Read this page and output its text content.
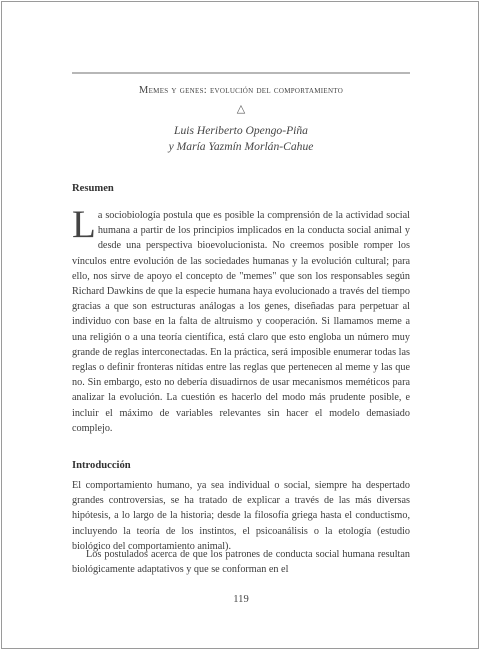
Memes y genes: evolución del comportamiento
△
Luis Heriberto Opengo-Piña
y María Yazmín Morlán-Cahue
Resumen

La sociobiología postula que es posible la comprensión de la actividad social humana a partir de los principios implicados en la conducta social animal y desde una perspectiva bioevolucionista. No creemos posible romper los vínculos entre evolución de las sociedades humanas y la evolución cultural; para ello, nos sirve de apoyo el concepto de "memes" que son los responsables según Richard Dawkins de que la especie humana haya evolucionado a través del tiempo gracias a que son estructuras análogas a los genes, diseñadas para perpetuar al individuo con base en la falta de altruismo y cooperación. Si llamamos meme a una religión o a una teoría científica, está claro que esto engloba un número muy grande de reglas interconectadas. En la práctica, será imposible enumerar todas las reglas o definir fronteras nítidas entre las reglas que pertenecen al meme y las que no. Sin embargo, esto no debería disuadirnos de usar mecanismos meméticos para analizar la evolución. La cuestión es hacerlo del modo más prudente posible, e incluir el máximo de variables relevantes sin hacer el modelo demasiado complejo.

Introducción

El comportamiento humano, ya sea individual o social, siempre ha despertado grandes controversias, se ha tratado de explicar a través de las más diversas hipótesis, a lo largo de la historia; desde la filosofía griega hasta el conductismo, incluyendo la teoría de los instintos, el psicoanálisis o la etología (estudio biológico del comportamiento animal).

Los postulados acerca de que los patrones de conducta social humana resultan biológicamente adaptativos y que se conforman en el

119
